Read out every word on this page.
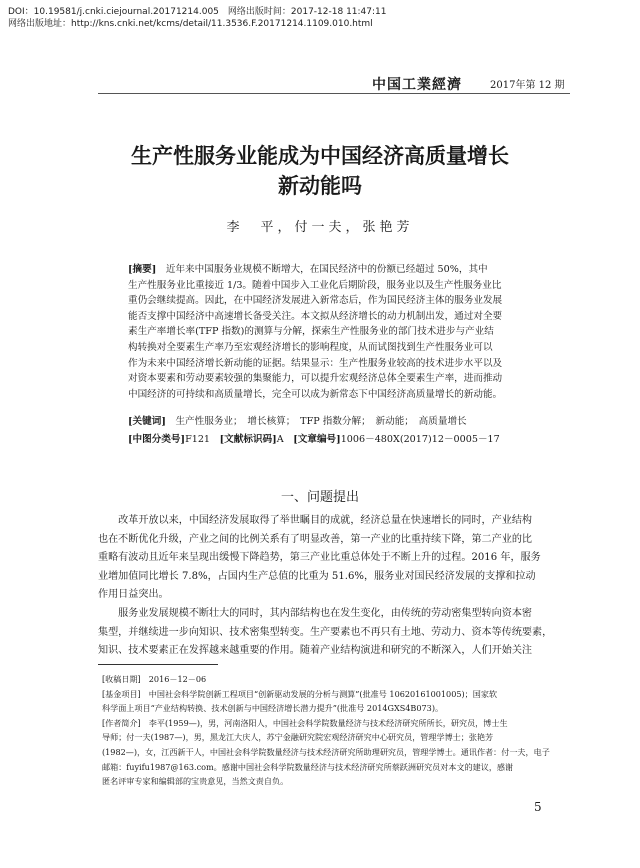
DOI：10.19581/j.cnki.ciejournal.20171214.005　网络出版时间：2017-12-18 11:47:11
网络出版地址：http://kns.cnki.net/kcms/detail/11.3536.F.20171214.1109.010.html
中国工業經濟	2017年第 12 期
生产性服务业能成为中国经济高质量增长
新动能吗
李　平，付一夫，张艳芳
[摘要]　 近年来中国服务业规模不断增大，在国民经济中的份额已经超过 50%，其中
生产性服务业比重接近 1/3。随着中国步入工业化后期阶段，服务业以及生产性服务业比
重仍会继续提高。因此，在中国经济发展进入新常态后，作为国民经济主体的服务业发展
能否支撑中国经济中高速增长备受关注。本文拟从经济增长的动力机制出发，通过对全要
素生产率增长率(TFP 指数)的测算与分解，探索生产性服务业的部门技术进步与产业结
构转换对全要素生产率乃至宏观经济增长的影响程度，从而试图找到生产性服务业可以
作为未来中国经济增长新动能的证据。结果显示：生产性服务业较高的技术进步水平以及
对资本要素和劳动要素较强的集聚能力，可以提升宏观经济总体全要素生产率，进而推动
中国经济的可持续和高质量增长，完全可以成为新常态下中国经济高质量增长的新动能。
[关键词]　 生产性服务业；　增长核算；　TFP 指数分解；　新动能；　高质量增长
[中图分类号]F121　 [文献标识码]A　 [文章编号]1006－480X(2017)12－0005－17
一、问题提出
　　改革开放以来，中国经济发展取得了举世瞩目的成就，经济总量在快速增长的同时，产业结构
也在不断优化升级，产业之间的比例关系有了明显改善，第一产业的比重持续下降，第二产业的比
重略有波动且近年来呈现出缓慢下降趋势，第三产业比重总体处于不断上升的过程。2016 年，服务
业增加值同比增长 7.8%，占国内生产总值的比重为 51.6%，服务业对国民经济发展的支撑和拉动
作用日益突出。
　　服务业发展规模不断壮大的同时，其内部结构也在发生变化，由传统的劳动密集型转向资本密
集型，并继续进一步向知识、技术密集型转变。生产要素也不再只有土地、劳动力、资本等传统要素，
知识、技术要素正在发挥越来越重要的作用。随着产业结构演进和研究的不断深入，人们开始关注
[收稿日期]　2016－12－06
[基金项目]　中国社会科学院创新工程项目“创新驱动发展的分析与测算”(批准号 10620161001005)；国家软
科学面上项目“产业结构转换、技术创新与中国经济增长潜力提升”(批准号 2014GXS4B073)。
[作者简介]　李平(1959—)，男，河南洛阳人，中国社会科学院数量经济与技术经济研究所所长，研究员，博士生
导师；付一夫(1987—)，男，黑龙江大庆人，苏宁金融研究院宏观经济研究中心研究员，管理学博士；张艳芳
(1982—)，女，江西新干人，中国社会科学院数量经济与技术经济研究所助理研究员，管理学博士。通讯作者：付一夫，电子
邮箱：fuyifu1987@163.com。感谢中国社会科学院数量经济与技术经济研究所蔡跃洲研究员对本文的建议，感谢
匿名评审专家和编辑部的宝贵意见，当然文责自负。
5
